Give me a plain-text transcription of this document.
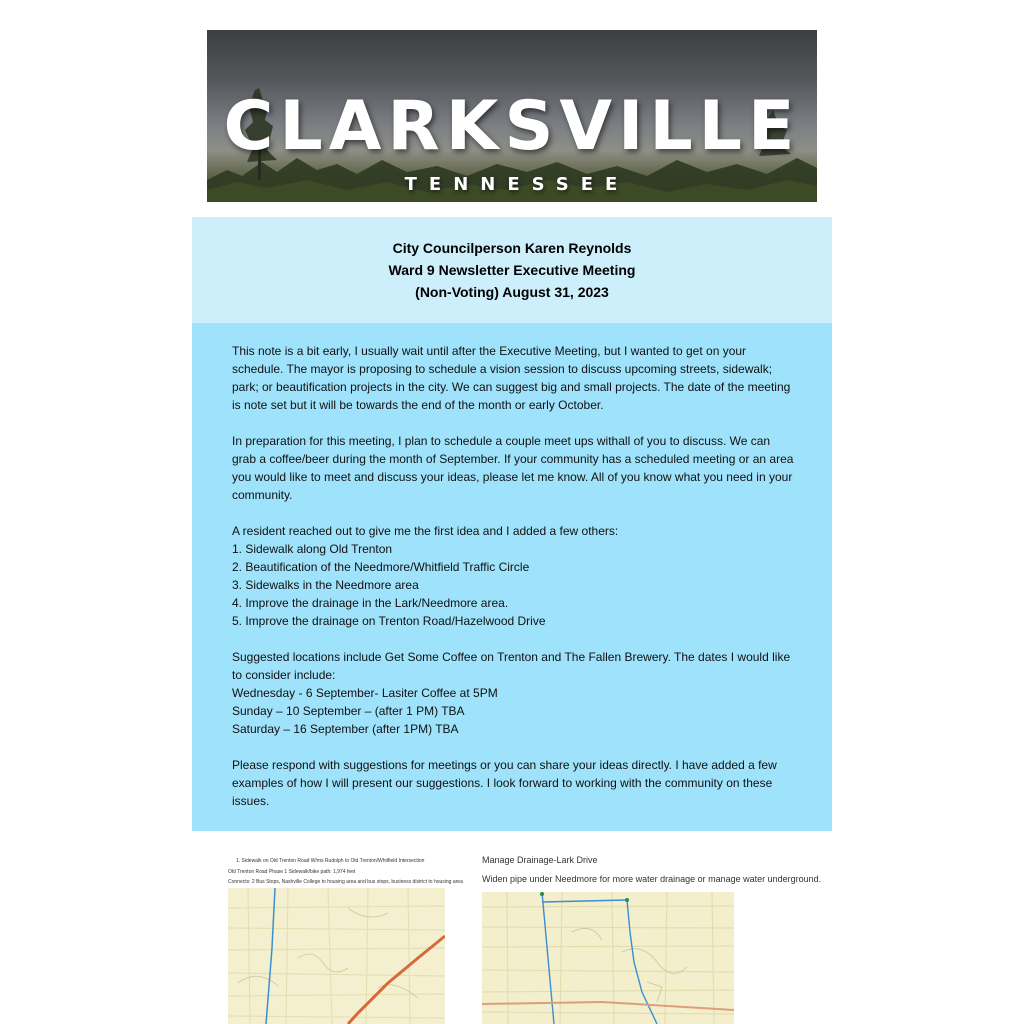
CLARKSVILLE
TENNESSEE
City Councilperson Karen Reynolds
Ward 9 Newsletter Executive Meeting
(Non-Voting) August 31, 2023

This note is a bit early, I usually wait until after the Executive Meeting, but I wanted to get on your schedule. The mayor is proposing to schedule a vision session to discuss upcoming streets, sidewalk; park; or beautification projects in the city. We can suggest big and small projects. The date of the meeting is note set but it will be towards the end of the month or early October.

In preparation for this meeting, I plan to schedule a couple meet ups withall of you to discuss. We can grab a coffee/beer during the month of September. If your community has a scheduled meeting or an area you would like to meet and discuss your ideas, please let me know. All of you know what you need in your community.

A resident reached out to give me the first idea and I added a few others:
1. Sidewalk along Old Trenton
2. Beautification of the Needmore/Whitfield Traffic Circle
3. Sidewalks in the Needmore area
4. Improve the drainage in the Lark/Needmore area.
5. Improve the drainage on Trenton Road/Hazelwood Drive
Suggested locations include Get Some Coffee on Trenton and The Fallen Brewery. The dates I would like to consider include:
Wednesday - 6 September- Lasiter Coffee at 5PM
Sunday – 10 September – (after 1 PM) TBA
Saturday – 16 September (after 1PM) TBA

Please respond with suggestions for meetings or you can share your ideas directly. I have added a few examples of how I will present our suggestions. I look forward to working with the community on these issues.

1. Sidewalk on Old Trenton Road W/ms Rudolph to Old Trenton/Whitfield Intersection
Old Trenton Road Phase 1 Sidewalk/bike path: 1,974 feet
Connects: 2 Bus Stops, Nashville College to housing area and bus stops, business district to housing area
Manage Drainage-Lark Drive
Widen pipe under Needmore for more water drainage or manage water underground.
